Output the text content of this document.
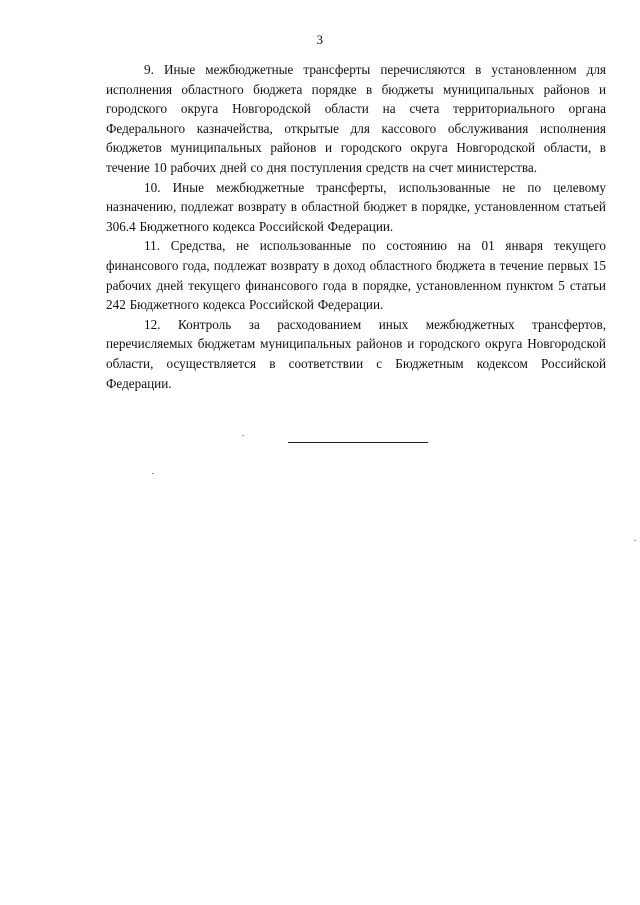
3

9. Иные межбюджетные трансферты перечисляются в установленном для исполнения областного бюджета порядке в бюджеты муниципальных районов и городского округа Новгородской области на счета территориального органа Федерального казначейства, открытые для кассового обслуживания исполнения бюджетов муниципальных районов и городского округа Новгородской области, в течение 10 рабочих дней со дня поступления средств на счет министерства.

10. Иные межбюджетные трансферты, использованные не по целевому назначению, подлежат возврату в областной бюджет в порядке, установленном статьей 306.4 Бюджетного кодекса Российской Федерации.

11. Средства, не использованные по состоянию на 01 января текущего финансового года, подлежат возврату в доход областного бюджета в течение первых 15 рабочих дней текущего финансового года в порядке, установленном пунктом 5 статьи 242 Бюджетного кодекса Российской Федерации.

12. Контроль за расходованием иных межбюджетных трансфертов, перечисляемых бюджетам муниципальных районов и городского округа Новгородской области, осуществляется в соответствии с Бюджетным кодексом Российской Федерации.
